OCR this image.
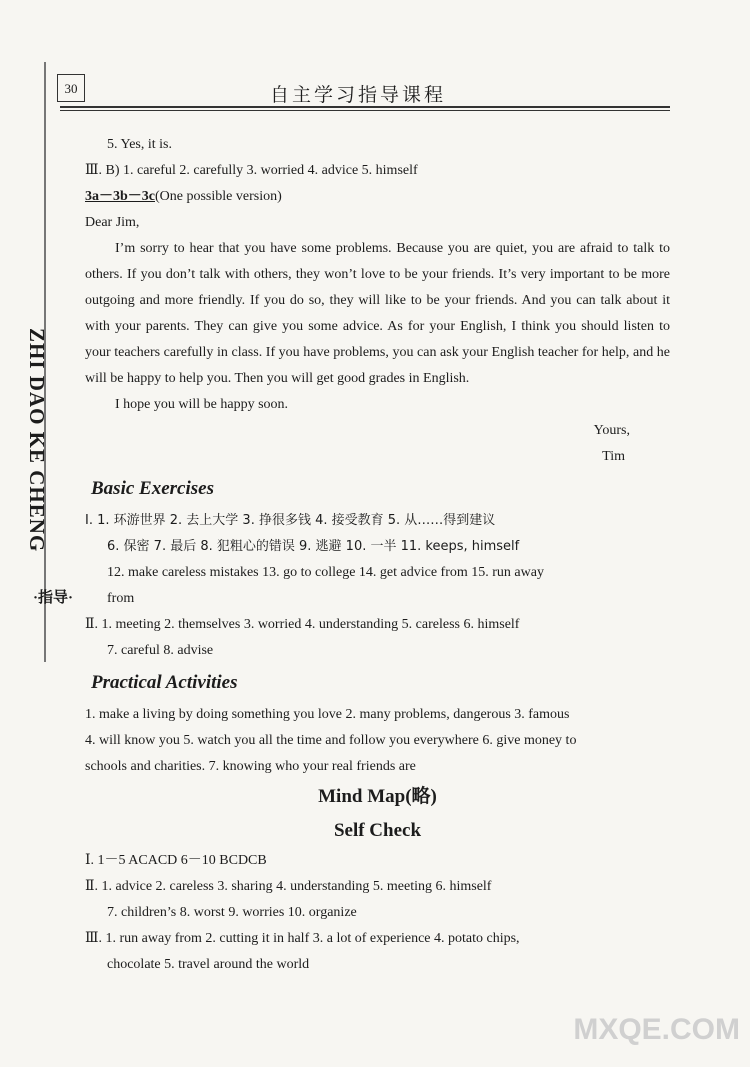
ZHI DAO KE CHENG
·指导·
30	自主学习指导课程
5. Yes, it is.
Ⅲ. B) 1. careful 2. carefully 3. worried 4. advice 5. himself
3a－3b－3c(One possible version)
Dear Jim,
I’m sorry to hear that you have some problems. Because you are quiet, you are afraid to talk to others. If you don’t talk with others, they won’t love to be your friends. It’s very important to be more outgoing and more friendly. If you do so, they will like to be your friends. And you can talk about it with your parents. They can give you some advice. As for your English, I think you should listen to your teachers carefully in class. If you have problems, you can ask your English teacher for help, and he will be happy to help you. Then you will get good grades in English.
I hope you will be happy soon.
Yours,
Tim
Basic Exercises
Ⅰ. 1. 环游世界 2. 去上大学 3. 挣很多钱 4. 接受教育 5. 从……得到建议
6. 保密 7. 最后 8. 犯粗心的错误 9. 逃避 10. 一半 11. keeps, himself
12. make careless mistakes 13. go to college 14. get advice from 15. run away
from
Ⅱ. 1. meeting 2. themselves 3. worried 4. understanding 5. careless 6. himself
7. careful 8. advise
Practical Activities
1. make a living by doing something you love 2. many problems, dangerous 3. famous
4. will know you 5. watch you all the time and follow you everywhere 6. give money to
schools and charities. 7. knowing who your real friends are
Mind Map(略)
Self Check
Ⅰ. 1－5 ACACD 6－10 BCDCB
Ⅱ. 1. advice 2. careless 3. sharing 4. understanding 5. meeting 6. himself
7. children’s 8. worst 9. worries 10. organize
Ⅲ. 1. run away from 2. cutting it in half 3. a lot of experience 4. potato chips,
chocolate 5. travel around the world
MXQE.COM
